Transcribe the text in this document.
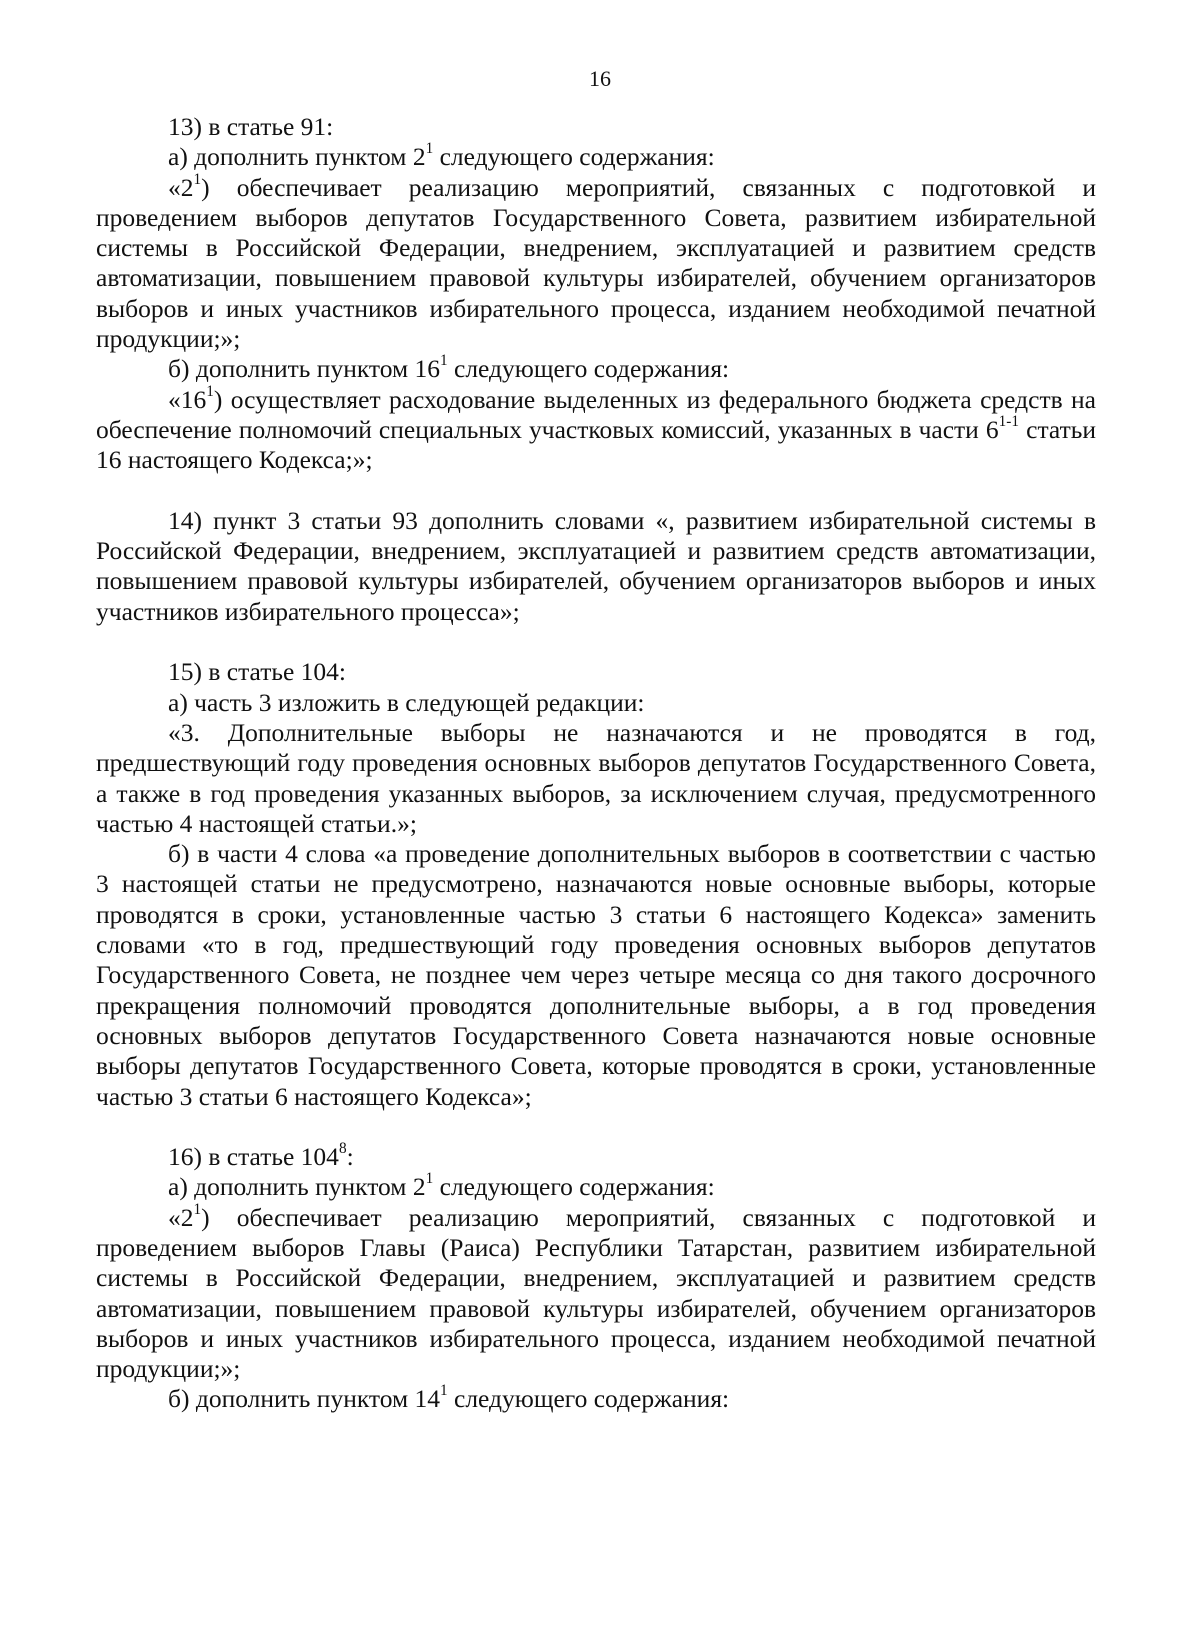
16

13) в статье 91:

а) дополнить пунктом $2^1$ следующего содержания:

«$2^1$) обеспечивает реализацию мероприятий, связанных с подготовкой и проведением выборов депутатов Государственного Совета, развитием избирательной системы в Российской Федерации, внедрением, эксплуатацией и развитием средств автоматизации, повышением правовой культуры избирателей, обучением организаторов выборов и иных участников избирательного процесса, изданием необходимой печатной продукции;»;

б) дополнить пунктом $16^1$ следующего содержания:

«$16^1$) осуществляет расходование выделенных из федерального бюджета средств на обеспечение полномочий специальных участковых комиссий, указанных в части 6$^{1-1}$ статьи 16 настоящего Кодекса;»;

14) пункт 3 статьи 93 дополнить словами «, развитием избирательной системы в Российской Федерации, внедрением, эксплуатацией и развитием средств автоматизации, повышением правовой культуры избирателей, обучением организаторов выборов и иных участников избирательного процесса»;

15) в статье 104:

а) часть 3 изложить в следующей редакции:

«3. Дополнительные выборы не назначаются и не проводятся в год, предшествующий году проведения основных выборов депутатов Государственного Совета, а также в год проведения указанных выборов, за исключением случая, предусмотренного частью 4 настоящей статьи.»;

б) в части 4 слова «а проведение дополнительных выборов в соответствии с частью 3 настоящей статьи не предусмотрено, назначаются новые основные выборы, которые проводятся в сроки, установленные частью 3 статьи 6 настоящего Кодекса» заменить словами «то в год, предшествующий году проведения основных выборов депутатов Государственного Совета, не позднее чем через четыре месяца со дня такого досрочного прекращения полномочий проводятся дополнительные выборы, а в год проведения основных выборов депутатов Государственного Совета назначаются новые основные выборы депутатов Государственного Совета, которые проводятся в сроки, установленные частью 3 статьи 6 настоящего Кодекса»;

16) в статье $104^8$:

а) дополнить пунктом $2^1$ следующего содержания:

«$2^1$) обеспечивает реализацию мероприятий, связанных с подготовкой и проведением выборов Главы (Раиса) Республики Татарстан, развитием избирательной системы в Российской Федерации, внедрением, эксплуатацией и развитием средств автоматизации, повышением правовой культуры избирателей, обучением организаторов выборов и иных участников избирательного процесса, изданием необходимой печатной продукции;»;

б) дополнить пунктом $14^1$ следующего содержания:
